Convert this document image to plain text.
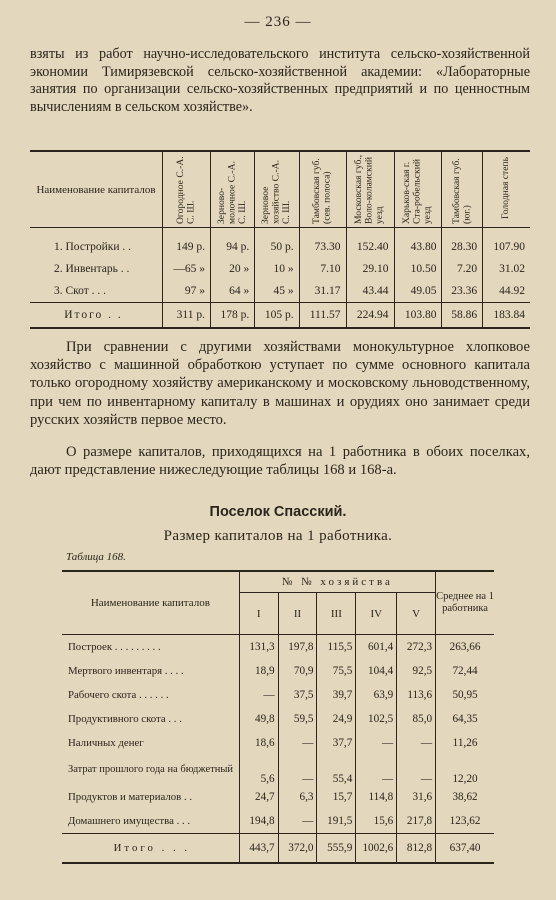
— 236 —

взяты из работ научно-исследовательского института сельско-хозяйственной экономии Тимирязевской сельско-хозяйственной академии: «Лабораторные занятия по организации сельско-хозяйственных предприятий и по ценностным вычислениям в сельском хозяйстве».

Наименование капиталов	Огородное С.-А. С. Ш.	Зерново-молочное С.-А. С. Ш.	Зерновое хозяйство С.-А. С. Ш.	Тамбовская губ. (сев. полоса)	Московская губ., Воло-коламский уезд	Харьков-ская г. Ста-робельский уезд	Тамбовская губ. (юг.)	Голодная степь
1. Постройки . .	149 р.	94 р.	50 р.	73.30	152.40	43.80	28.30	107.90
2. Инвентарь . .	—65 »	20 »	10 »	7.10	29.10	10.50	7.20	31.02
3. Скот . . .	97 »	64 »	45 »	31.17	43.44	49.05	23.36	44.92
Итого . .	311 р.	178 р.	105 р.	111.57	224.94	103.80	58.86	183.84

При сравнении с другими хозяйствами монокультурное хлопковое хозяйство с машинной обработкою уступает по сумме основного капитала только огородному хозяйству американскому и московскому льноводственному, при чем по инвентарному капиталу в машинах и орудиях оно занимает среди русских хозяйств первое место.

О размере капиталов, приходящихся на 1 работника в обоих поселках, дают представление нижеследующие таблицы 168 и 168-а.

Поселок Спасский.
Размер капиталов на 1 работника.
Таблица 168.
Наименование капиталов	№ № хозяйства					Среднее на 1 работника
	I	II	III	IV	V	
Построек . . . . . . . . .	131,3	197,8	115,5	601,4	272,3	263,66
Мертвого инвентаря . . . .	18,9	70,9	75,5	104,4	92,5	72,44
Рабочего скота . . . . . .	—	37,5	39,7	63,9	113,6	50,95
Продуктивного скота . . .	49,8	59,5	24,9	102,5	85,0	64,35
Наличных денег	18,6	—	37,7	—	—	11,26
Затрат прошлого года на бюджетный	5,6	—	55,4	—	—	12,20
Продуктов и материалов . .	24,7	6,3	15,7	114,8	31,6	38,62
Домашнего имущества . . .	194,8	—	191,5	15,6	217,8	123,62
Итого . . .	443,7	372,0	555,9	1002,6	812,8	637,40
